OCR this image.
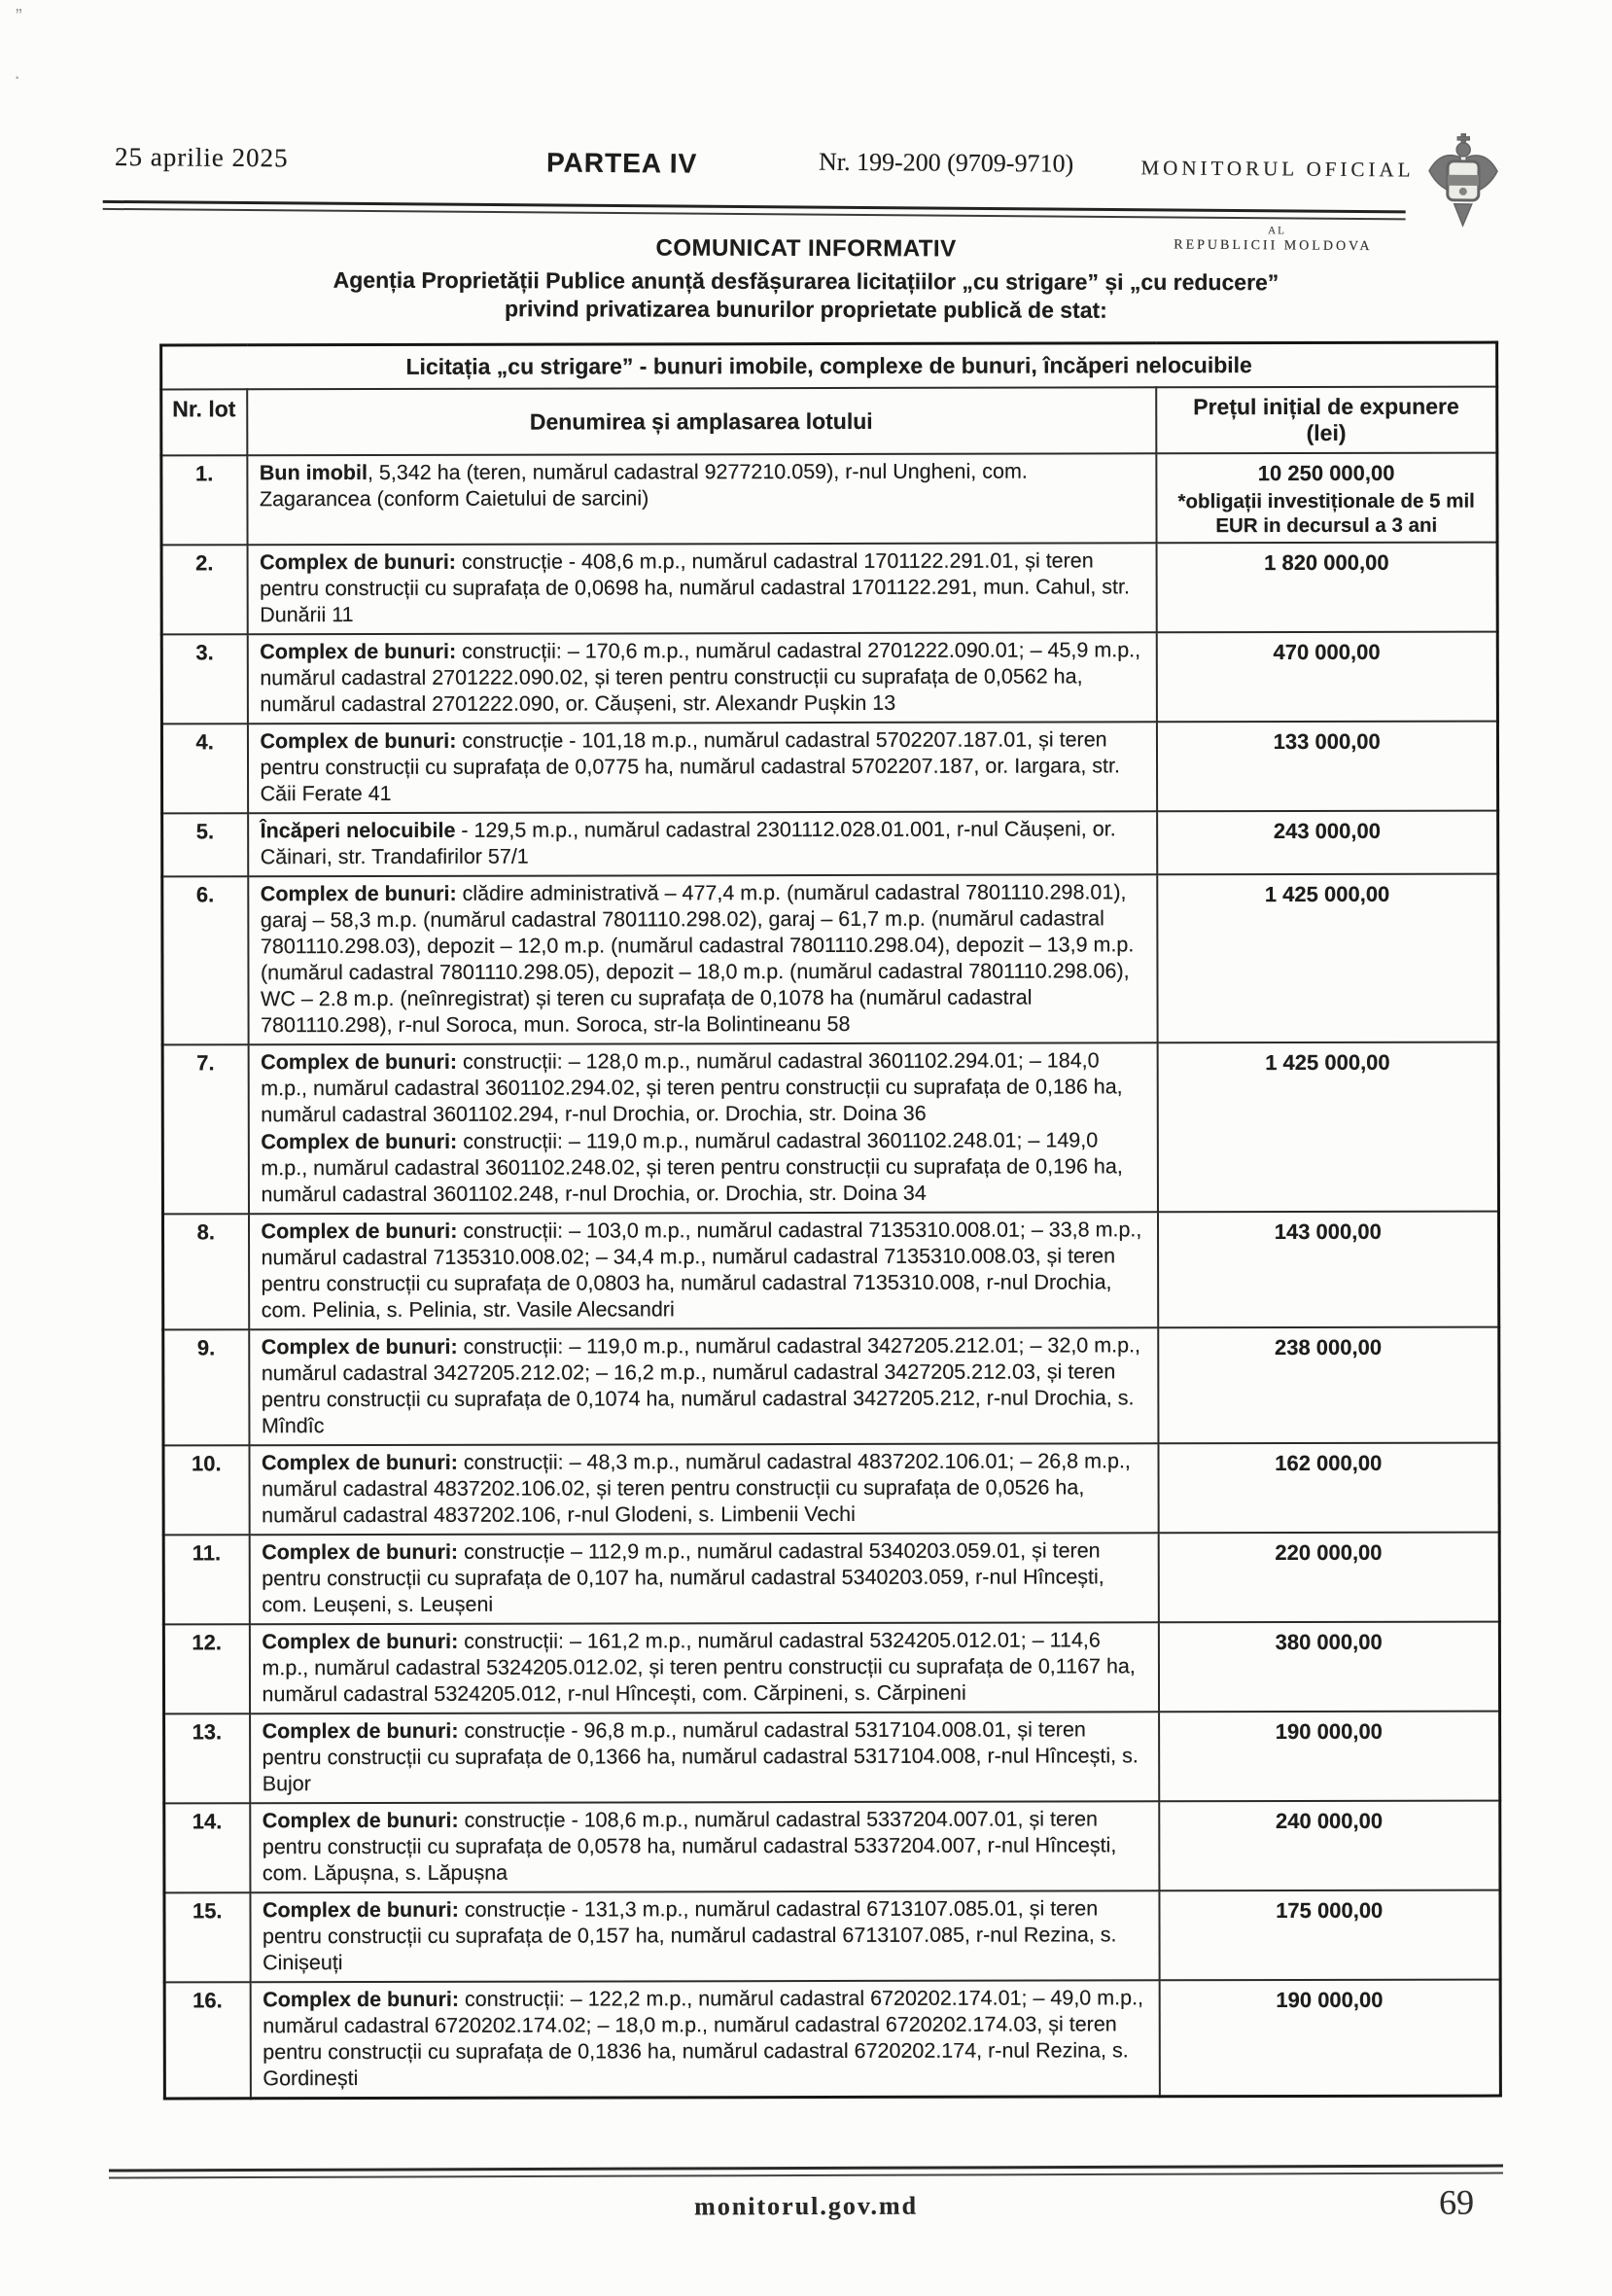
” 25 aprilie 2025	PARTEA IV	Nr. 199-200 (9709-9710)	MONITORUL OFICIAL
AL
REPUBLICII MOLDOVA

COMUNICAT INFORMATIV

Agenția Proprietății Publice anunță desfășurarea licitațiilor „cu strigare” și „cu reducere”

privind privatizarea bunurilor proprietate publică de stat:

Licitația „cu strigare” - bunuri imobile, complexe de bunuri, încăperi nelocuibile		
Nr. lot	Denumirea și amplasarea lotului	Prețul inițial de expunere (lei)
1.	Bun imobil, 5,342 ha (teren, numărul cadastral 9277210.059), r-nul Ungheni, com. Zagarancea (conform Caietului de sarcini)	10 250 000,00
*obligații investiționale de 5 mil EUR in decursul a 3 ani

2.	Complex de bunuri: construcție - 408,6 m.p., numărul cadastral 1701122.291.01, și teren pentru construcții cu suprafața de 0,0698 ha, numărul cadastral 1701122.291, mun. Cahul, str. Dunării 11	1 820 000,00

3.	Complex de bunuri: construcții: – 170,6 m.p., numărul cadastral 2701222.090.01; – 45,9 m.p., numărul cadastral 2701222.090.02, și teren pentru construcții cu suprafața de 0,0562 ha, numărul cadastral 2701222.090, or. Căușeni, str. Alexandr Pușkin 13	470 000,00

4.	Complex de bunuri: construcție - 101,18 m.p., numărul cadastral 5702207.187.01, și teren pentru construcții cu suprafața de 0,0775 ha, numărul cadastral 5702207.187, or. Iargara, str. Căii Ferate 41	133 000,00

5.	Încăperi nelocuibile - 129,5 m.p., numărul cadastral 2301112.028.01.001, r-nul Căușeni, or. Căinari, str. Trandafirilor 57/1	243 000,00

6.	Complex de bunuri: clădire administrativă – 477,4 m.p. (numărul cadastral 7801110.298.01), garaj – 58,3 m.p. (numărul cadastral 7801110.298.02), garaj – 61,7 m.p. (numărul cadastral 7801110.298.03), depozit – 12,0 m.p. (numărul cadastral 7801110.298.04), depozit – 13,9 m.p. (numărul cadastral 7801110.298.05), depozit – 18,0 m.p. (numărul cadastral 7801110.298.06), WC – 2.8 m.p. (neînregistrat) și teren cu suprafața de 0,1078 ha (numărul cadastral 7801110.298), r-nul Soroca, mun. Soroca, str-la Bolintineanu 58	1 425 000,00

7.	Complex de bunuri: construcții: – 128,0 m.p., numărul cadastral 3601102.294.01; – 184,0 m.p., numărul cadastral 3601102.294.02, și teren pentru construcții cu suprafața de 0,186 ha, numărul cadastral 3601102.294, r-nul Drochia, or. Drochia, str. Doina 36

Complex de bunuri: construcții: – 119,0 m.p., numărul cadastral 3601102.248.01; – 149,0 m.p., numărul cadastral 3601102.248.02, și teren pentru construcții cu suprafața de 0,196 ha, numărul cadastral 3601102.248, r-nul Drochia, or. Drochia, str. Doina 34	1 425 000,00

8.	Complex de bunuri: construcții: – 103,0 m.p., numărul cadastral 7135310.008.01; – 33,8 m.p., numărul cadastral 7135310.008.02; – 34,4 m.p., numărul cadastral 7135310.008.03, și teren pentru construcții cu suprafața de 0,0803 ha, numărul cadastral 7135310.008, r-nul Drochia, com. Pelinia, s. Pelinia, str. Vasile Alecsandri	143 000,00

9.	Complex de bunuri: construcții: – 119,0 m.p., numărul cadastral 3427205.212.01; – 32,0 m.p., numărul cadastral 3427205.212.02; – 16,2 m.p., numărul cadastral 3427205.212.03, și teren pentru construcții cu suprafața de 0,1074 ha, numărul cadastral 3427205.212, r-nul Drochia, s. Mîndîc	238 000,00

10.	Complex de bunuri: construcții: – 48,3 m.p., numărul cadastral 4837202.106.01; – 26,8 m.p., numărul cadastral 4837202.106.02, și teren pentru construcții cu suprafața de 0,0526 ha, numărul cadastral 4837202.106, r-nul Glodeni, s. Limbenii Vechi	162 000,00

11.	Complex de bunuri: construcție – 112,9 m.p., numărul cadastral 5340203.059.01, și teren pentru construcții cu suprafața de 0,107 ha, numărul cadastral 5340203.059, r-nul Hîncești, com. Leușeni, s. Leușeni	220 000,00

12.	Complex de bunuri: construcții: – 161,2 m.p., numărul cadastral 5324205.012.01; – 114,6 m.p., numărul cadastral 5324205.012.02, și teren pentru construcții cu suprafața de 0,1167 ha, numărul cadastral 5324205.012, r-nul Hîncești, com. Cărpineni, s. Cărpineni	380 000,00

13.	Complex de bunuri: construcție - 96,8 m.p., numărul cadastral 5317104.008.01, și teren pentru construcții cu suprafața de 0,1366 ha, numărul cadastral 5317104.008, r-nul Hîncești, s. Bujor	190 000,00

14.	Complex de bunuri: construcție - 108,6 m.p., numărul cadastral 5337204.007.01, și teren pentru construcții cu suprafața de 0,0578 ha, numărul cadastral 5337204.007, r-nul Hîncești, com. Lăpușna, s. Lăpușna	240 000,00

15.	Complex de bunuri: construcție - 131,3 m.p., numărul cadastral 6713107.085.01, și teren pentru construcții cu suprafața de 0,157 ha, numărul cadastral 6713107.085, r-nul Rezina, s. Cinișeuți	175 000,00

16.	Complex de bunuri: construcții: – 122,2 m.p., numărul cadastral 6720202.174.01; – 49,0 m.p., numărul cadastral 6720202.174.02; – 18,0 m.p., numărul cadastral 6720202.174.03, și teren pentru construcții cu suprafața de 0,1836 ha, numărul cadastral 6720202.174, r-nul Rezina, s. Gordinești	190 000,00
monitorul.gov.md	69
·
